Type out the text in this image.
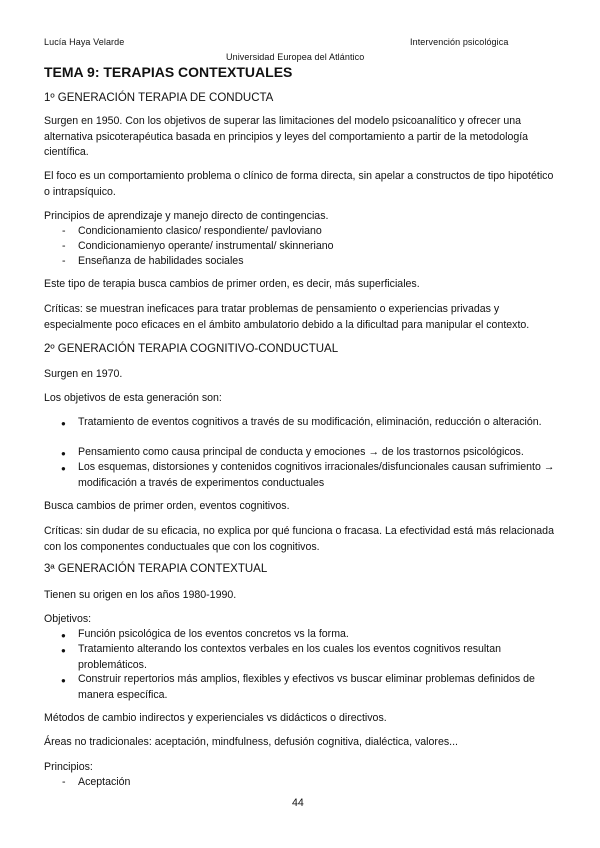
Lucía Haya Velarde	Intervención psicológica
Universidad Europea del Atlántico
TEMA 9: TERAPIAS CONTEXTUALES
1º GENERACIÓN TERAPIA DE CONDUCTA
Surgen en 1950. Con los objetivos de superar las limitaciones del modelo psicoanalítico y ofrecer una alternativa psicoterapéutica basada en principios y leyes del comportamiento a partir de la metodología científica.
El foco es un comportamiento problema o clínico de forma directa, sin apelar a constructos de tipo hipotético o intrapsíquico.
Principios de aprendizaje y manejo directo de contingencias.
- Condicionamiento clasico/ respondiente/ pavloviano
- Condicionamienyo operante/ instrumental/ skinneriano
- Enseñanza de habilidades sociales
Este tipo de terapia busca cambios de primer orden, es decir, más superficiales.
Críticas: se muestran ineficaces para tratar problemas de pensamiento o experiencias privadas y especialmente poco eficaces en el ámbito ambulatorio debido a la dificultad para manipular el contexto.
2º GENERACIÓN TERAPIA COGNITIVO-CONDUCTUAL
Surgen en 1970.
Los objetivos de esta generación son:
● Tratamiento de eventos cognitivos a través de su modificación, eliminación, reducción o alteración.
● Pensamiento como causa principal de conducta y emociones → de los trastornos psicológicos.
● Los esquemas, distorsiones y contenidos cognitivos irracionales/disfuncionales causan sufrimiento → modificación a través de experimentos conductuales
Busca cambios de primer orden, eventos cognitivos.
Críticas: sin dudar de su eficacia, no explica por qué funciona o fracasa. La efectividad está más relacionada con los componentes conductuales que con los cognitivos.
3ª GENERACIÓN TERAPIA CONTEXTUAL
Tienen su origen en los años 1980-1990.
Objetivos:
● Función psicológica de los eventos concretos vs la forma.
● Tratamiento alterando los contextos verbales en los cuales los eventos cognitivos resultan problemáticos.
● Construir repertorios más amplios, flexibles y efectivos vs buscar eliminar problemas definidos de manera específica.
Métodos de cambio indirectos y experienciales vs didácticos o directivos.
Áreas no tradicionales: aceptación, mindfulness, defusión cognitiva, dialéctica, valores...
Principios:
- Aceptación
44
